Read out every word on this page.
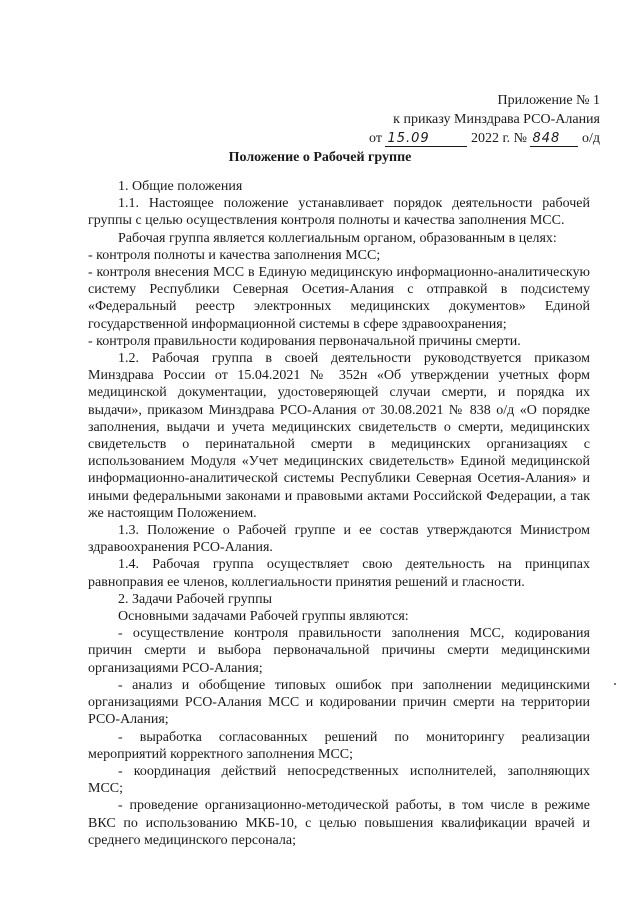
Приложение № 1
к приказу Минздрава РСО-Алания
от 15.09	2022 г. № 848 о/д
Положение о Рабочей группе

1. Общие положения

1.1. Настоящее положение устанавливает порядок деятельности рабочей группы с целью осуществления контроля полноты и качества заполнения МСС.

Рабочая группа является коллегиальным органом, образованным в целях:

- контроля полноты и качества заполнения МСС;

- контроля внесения МСС в Единую медицинскую информационно-аналитическую систему Республики Северная Осетия-Алания с отправкой в подсистему «Федеральный реестр электронных медицинских документов» Единой государственной информационной системы в сфере здравоохранения;

- контроля правильности кодирования первоначальной причины смерти.

1.2. Рабочая группа в своей деятельности руководствуется приказом Минздрава России от 15.04.2021 № 352н «Об утверждении учетных форм медицинской документации, удостоверяющей случаи смерти, и порядка их выдачи», приказом Минздрава РСО-Алания от 30.08.2021 № 838 о/д «О порядке заполнения, выдачи и учета медицинских свидетельств о смерти, медицинских свидетельств о перинатальной смерти в медицинских организациях с использованием Модуля «Учет медицинских свидетельств» Единой медицинской информационно-аналитической системы Республики Северная Осетия-Алания» и иными федеральными законами и правовыми актами Российской Федерации, а так же настоящим Положением.

1.3. Положение о Рабочей группе и ее состав утверждаются Министром здравоохранения РСО-Алания.

1.4. Рабочая группа осуществляет свою деятельность на принципах равноправия ее членов, коллегиальности принятия решений и гласности.

2. Задачи Рабочей группы

Основными задачами Рабочей группы являются:

- осуществление контроля правильности заполнения МСС, кодирования причин смерти и выбора первоначальной причины смерти медицинскими организациями РСО-Алания;

- анализ и обобщение типовых ошибок при заполнении медицинскими организациями РСО-Алания МСС и кодировании причин смерти на территории РСО-Алания;

- выработка согласованных решений по мониторингу реализации мероприятий корректного заполнения МСС;

- координация действий непосредственных исполнителей, заполняющих МСС;

- проведение организационно-методической работы, в том числе в режиме ВКС по использованию МКБ-10, с целью повышения квалификации врачей и среднего медицинского персонала;
